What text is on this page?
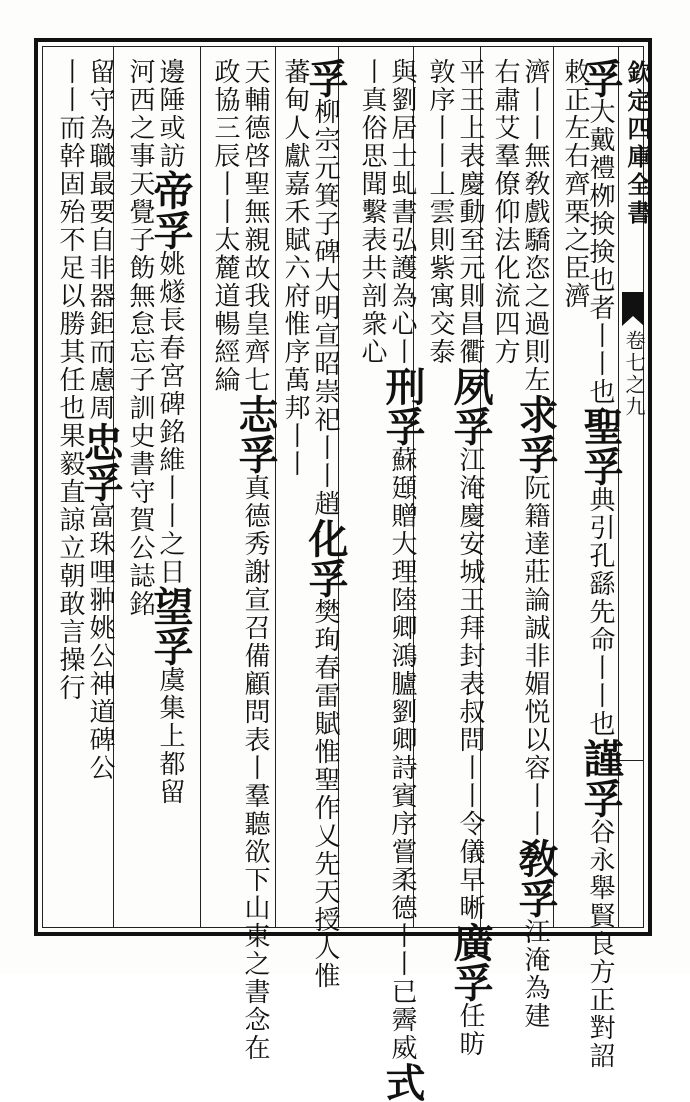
欽定四庫全書
卷七之九
孚大戴禮栁𢮦𢮦也者丨丨也聖孚典引孔繇先命丨丨也謹孚谷永舉賢良方正對詔
敕正左右齊栗之臣濟
濟丨丨無敎戲驕恣之過則左求孚阮籍達莊論誠非媚悦以容丨丨敎孚江淹為建
右肅艾羣僚仰法化流四方
平王上表慶動至元則昌衢夙孚江淹慶安城王拜封表叔問丨丨令儀早晰廣孚任昉
敦序丨丨丄雲則紫寓交泰
與劉居士虬書弘護為心丨刑孚蘇頲贈大理陸卿鴻臚劉卿詩賓序嘗柔德丨丨已霽威式
丨真俗思聞繫表共剖衆心
孚柳宗元箕子碑大明宣昭崇祀丨丨趙化孚樊珣春雷賦惟聖作乂先天授人惟
蕃甸人獻嘉禾賦六府惟序萬邦丨丨
天輔德啓聖無親故我皇齊七志孚真德秀謝宣召備顧問表丨羣聽欲下山東之書念在
政協三辰丨丨太麓道暢經綸
邊陲或訪帝孚姚燧長春宮碑銘維丨丨之日望孚虞集上都留
河西之事天覺子飭無怠忘子訓史書守賀公誌銘
留守為職最要自非器鉅而慮周忠孚富珠哩翀姚公神道碑公
丨丨而幹固殆不足以勝其任也果毅直諒立朝敢言操行
